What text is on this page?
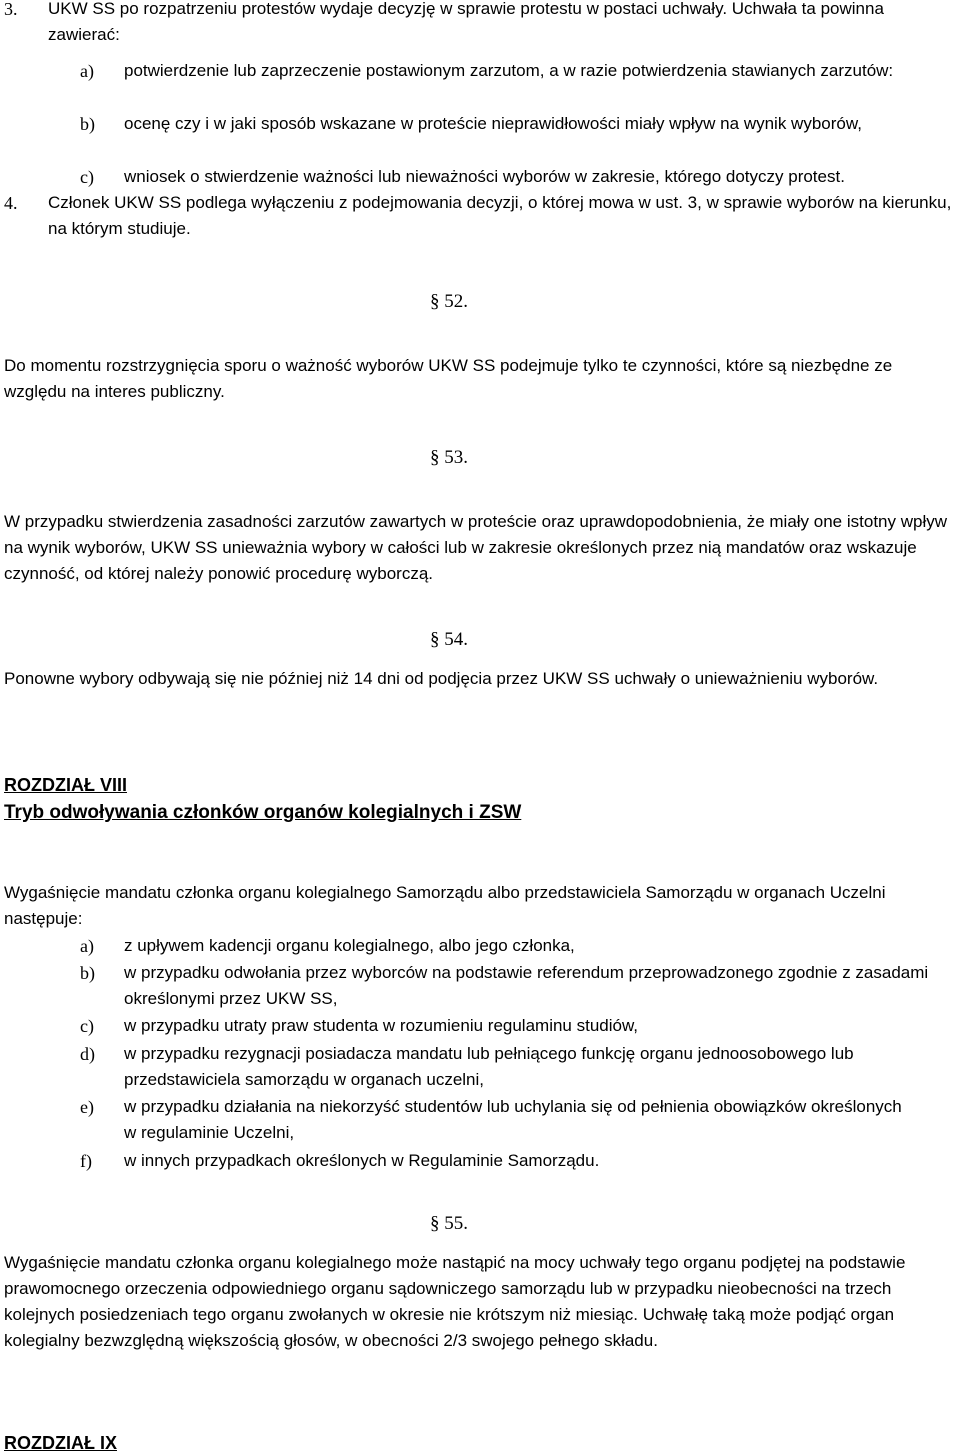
3. UKW SS po rozpatrzeniu protestów wydaje decyzję w sprawie protestu w postaci uchwały. Uchwała ta powinna zawierać:

a) potwierdzenie lub zaprzeczenie postawionym zarzutom, a w razie potwierdzenia stawianych zarzutów:

b) ocenę czy i w jaki sposób wskazane w proteście nieprawidłowości miały wpływ na wynik wyborów,

c) wniosek o stwierdzenie ważności lub nieważności wyborów w zakresie, którego dotyczy protest.

4. Członek UKW SS podlega wyłączeniu z podejmowania decyzji, o której mowa w ust. 3, w sprawie wyborów na kierunku, na którym studiuje.

§ 52.

Do momentu rozstrzygnięcia sporu o ważność wyborów UKW SS podejmuje tylko te czynności, które są niezbędne ze względu na interes publiczny.

§ 53.

W przypadku stwierdzenia zasadności zarzutów zawartych w proteście oraz uprawdopodobnienia, że miały one istotny wpływ na wynik wyborów, UKW SS unieważnia wybory w całości lub w zakresie określonych przez nią mandatów oraz wskazuje czynność, od której należy ponowić procedurę wyborczą.

§ 54.

Ponowne wybory odbywają się nie później niż 14 dni od podjęcia przez UKW SS uchwały o unieważnieniu wyborów.

ROZDZIAŁ VIII

Tryb odwoływania członków organów kolegialnych i ZSW

Wygaśnięcie mandatu członka organu kolegialnego Samorządu albo przedstawiciela Samorządu w organach Uczelni następuje:

a) z upływem kadencji organu kolegialnego, albo jego członka,

b) w przypadku odwołania przez wyborców na podstawie referendum przeprowadzonego zgodnie z zasadami określonymi przez UKW SS,

c) w przypadku utraty praw studenta w rozumieniu regulaminu studiów,

d) w przypadku rezygnacji posiadacza mandatu lub pełniącego funkcję organu jednoosobowego lub przedstawiciela samorządu w organach uczelni,

e) w przypadku działania na niekorzyść studentów lub uchylania się od pełnienia obowiązków określonych w regulaminie Uczelni,

f) w innych przypadkach określonych w Regulaminie Samorządu.

§ 55.

Wygaśnięcie mandatu członka organu kolegialnego może nastąpić na mocy uchwały tego organu podjętej na podstawie prawomocnego orzeczenia odpowiedniego organu sądowniczego samorządu lub w przypadku nieobecności na trzech kolejnych posiedzeniach tego organu zwołanych w okresie nie krótszym niż miesiąc. Uchwałę taką może podjąć organ kolegialny bezwzględną większością głosów, w obecności 2/3 swojego pełnego składu.

ROZDZIAŁ IX
